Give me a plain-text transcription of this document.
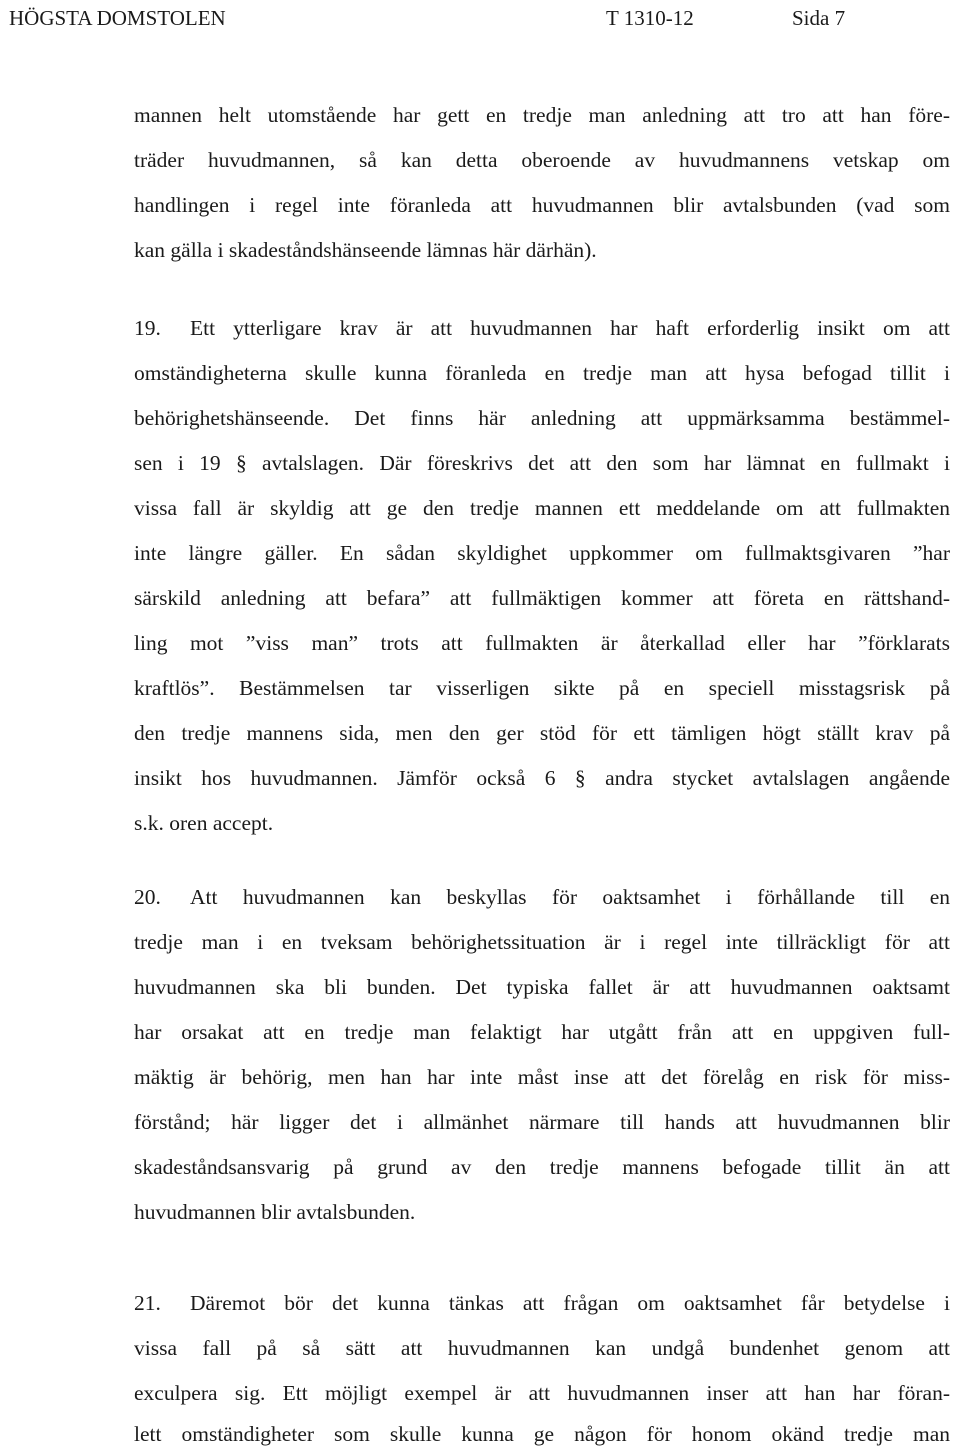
HÖGSTA DOMSTOLEN	T 1310-12	Sida 7
mannen helt utomstående har gett en tredje man anledning att tro att han före-
träder huvudmannen, så kan detta oberoende av huvudmannens vetskap om
handlingen i regel inte föranleda att huvudmannen blir avtalsbunden (vad som
kan gälla i skadeståndshänseende lämnas här därhän).
19. Ett ytterligare krav är att huvudmannen har haft erforderlig insikt om att
omständigheterna skulle kunna föranleda en tredje man att hysa befogad tillit i
behörighetshänseende. Det finns här anledning att uppmärksamma bestämmel-
sen i 19 § avtalslagen. Där föreskrivs det att den som har lämnat en fullmakt i
vissa fall är skyldig att ge den tredje mannen ett meddelande om att fullmakten
inte längre gäller. En sådan skyldighet uppkommer om fullmaktsgivaren ”har
särskild anledning att befara” att fullmäktigen kommer att företa en rättshand-
ling mot ”viss man” trots att fullmakten är återkallad eller har ”förklarats
kraftlös”. Bestämmelsen tar visserligen sikte på en speciell misstagsrisk på
den tredje mannens sida, men den ger stöd för ett tämligen högt ställt krav på
insikt hos huvudmannen. Jämför också 6 § andra stycket avtalslagen angående
s.k. oren accept.
20. Att huvudmannen kan beskyllas för oaktsamhet i förhållande till en
tredje man i en tveksam behörighetssituation är i regel inte tillräckligt för att
huvudmannen ska bli bunden. Det typiska fallet är att huvudmannen oaktsamt
har orsakat att en tredje man felaktigt har utgått från att en uppgiven full-
mäktig är behörig, men han har inte måst inse att det förelåg en risk för miss-
förstånd; här ligger det i allmänhet närmare till hands att huvudmannen blir
skadeståndsansvarig på grund av den tredje mannens befogade tillit än att
huvudmannen blir avtalsbunden.
21. Däremot bör det kunna tänkas att frågan om oaktsamhet får betydelse i
vissa fall på så sätt att huvudmannen kan undgå bundenhet genom att
exculpera sig. Ett möjligt exempel är att huvudmannen inser att han har föran-
lett omständigheter som skulle kunna ge någon för honom okänd tredje man
